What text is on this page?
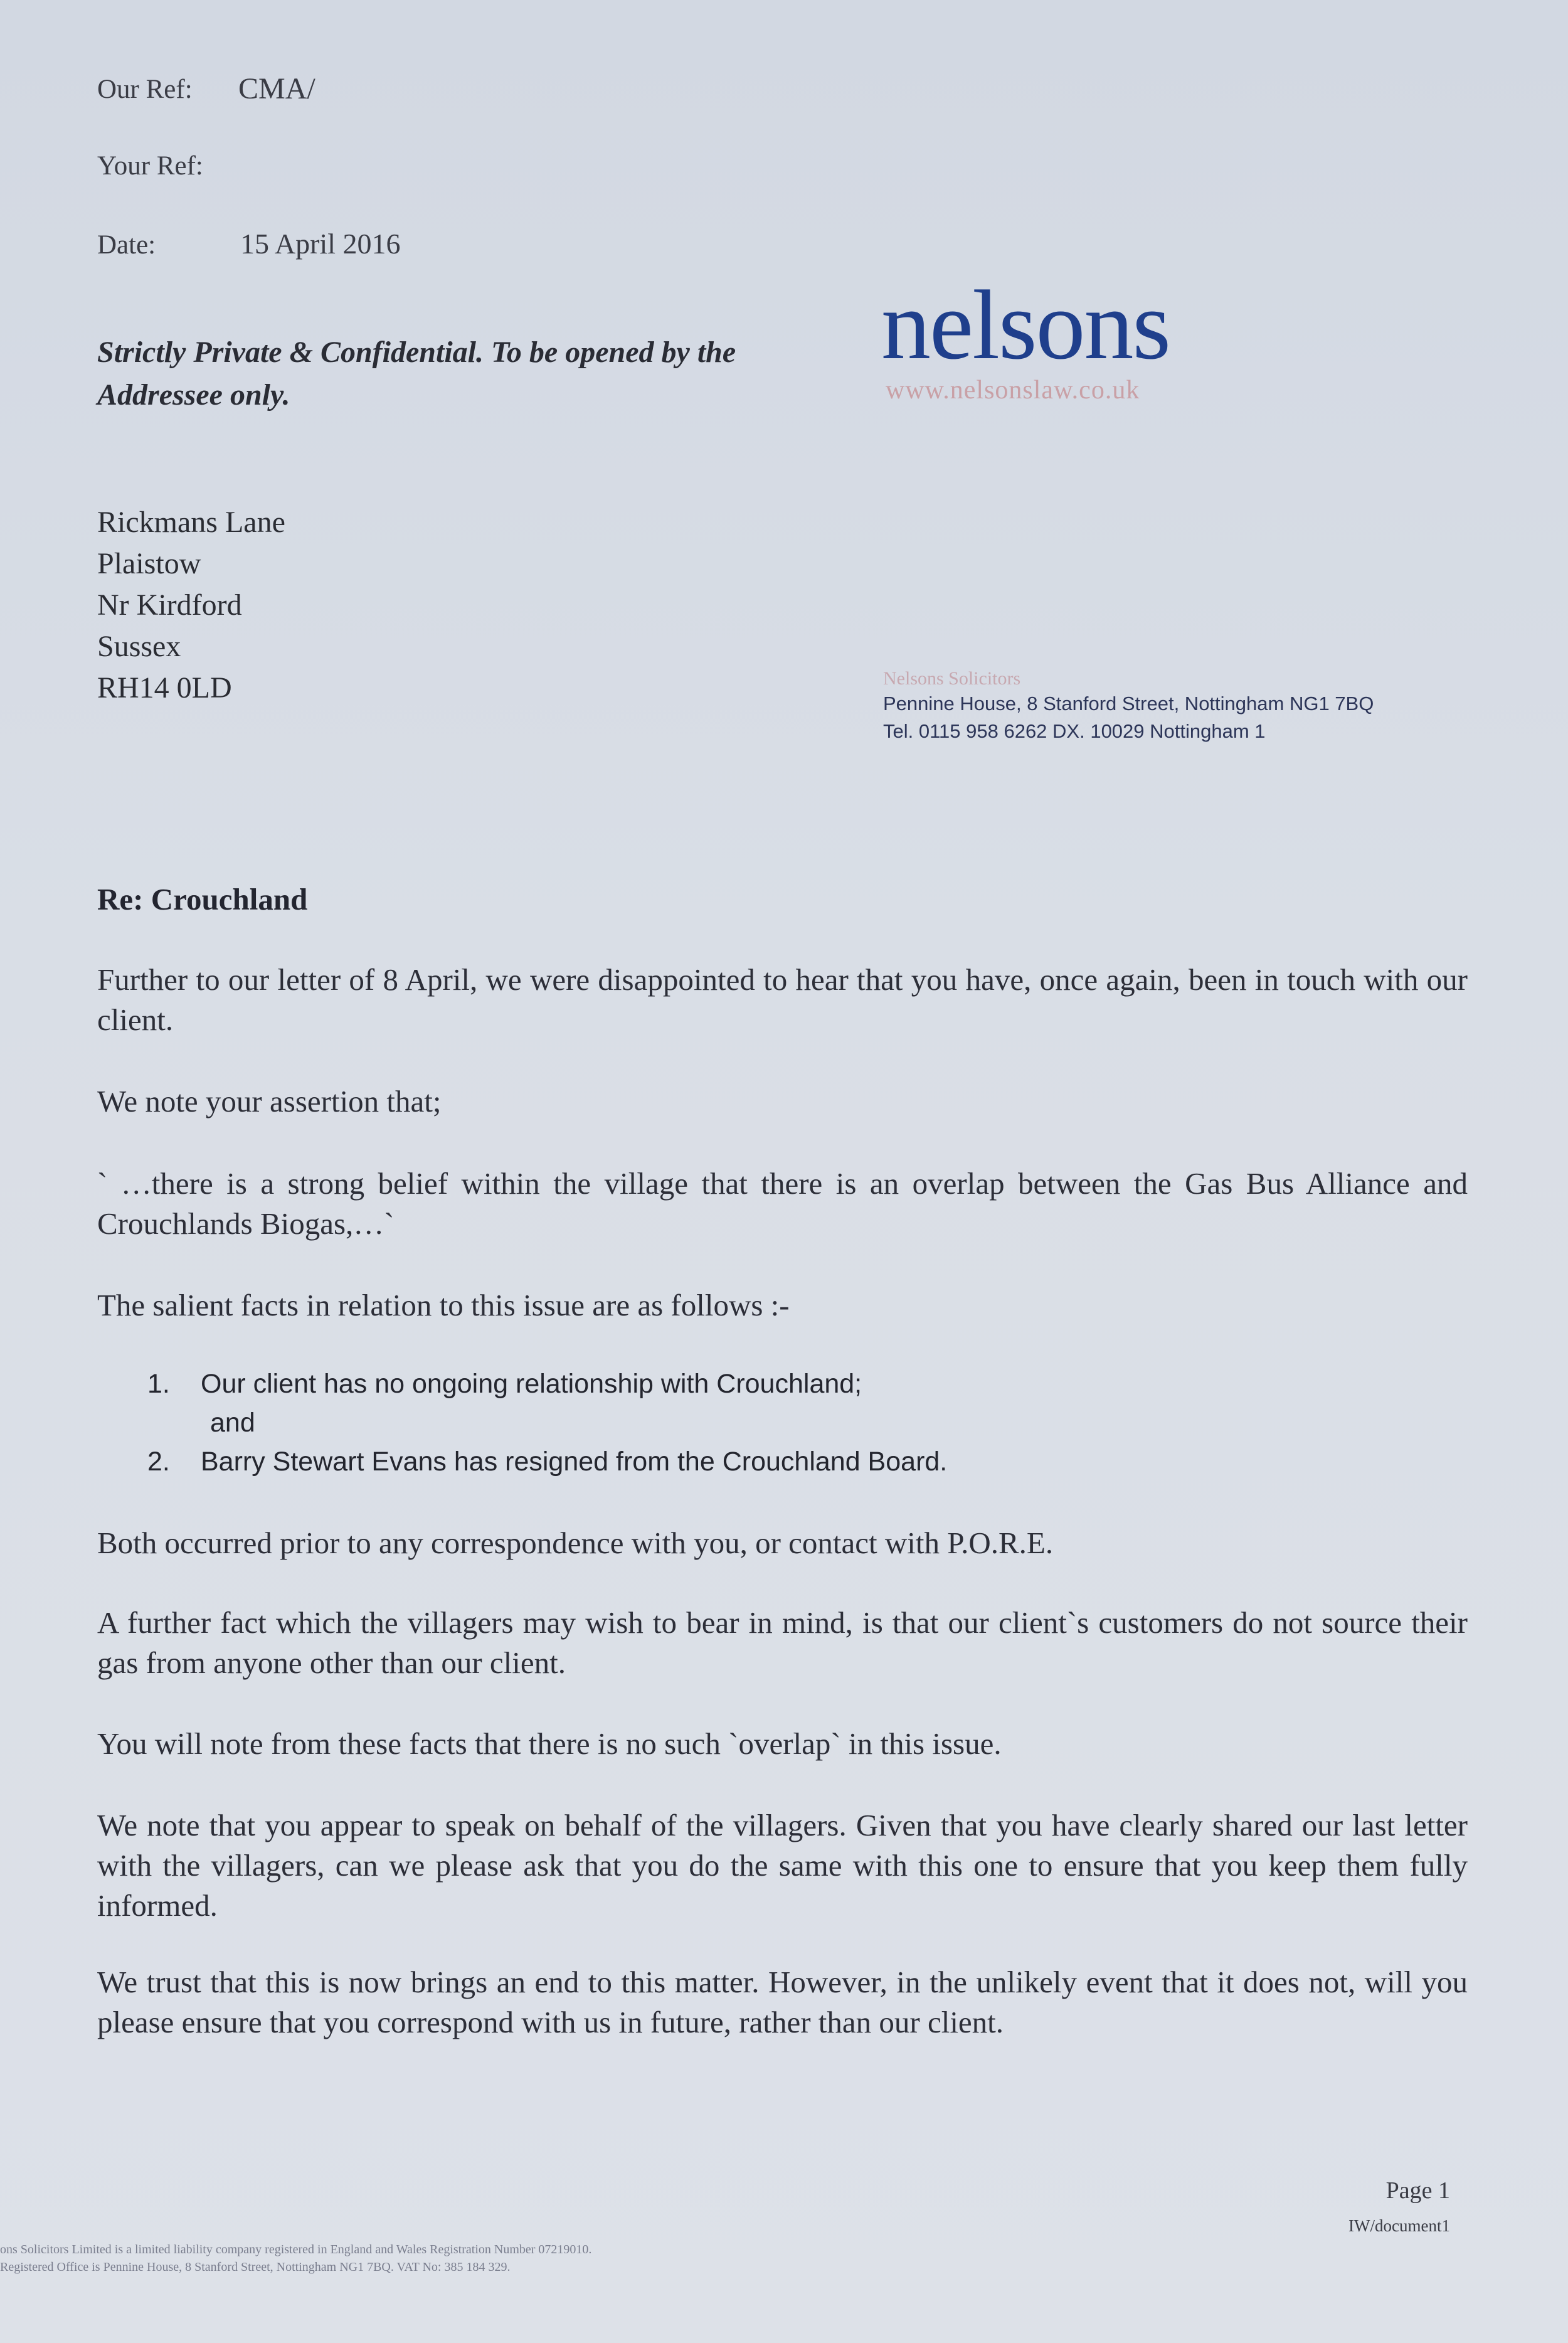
Our Ref: CMA/
Your Ref:
Date:	15 April 2016
Strictly Private & Confidential. To be opened by the Addressee only.
nelsons
www.nelsonslaw.co.uk
Rickmans Lane
Plaistow
Nr Kirdford
Sussex
RH14 0LD	Nelsons Solicitors
Pennine House, 8 Stanford Street, Nottingham NG1 7BQ
Tel. 0115 958 6262 DX. 10029 Nottingham 1
Re: Crouchland
Further to our letter of 8 April, we were disappointed to hear that you have, once again, been in touch with our client.
We note your assertion that;
` …there is a strong belief within the village that there is an overlap between the Gas Bus Alliance and Crouchlands Biogas,…`
The salient facts in relation to this issue are as follows :-
1. Our client has no ongoing relationship with Crouchland;
and
2. Barry Stewart Evans has resigned from the Crouchland Board.
Both occurred prior to any correspondence with you, or contact with P.O.R.E.
A further fact which the villagers may wish to bear in mind, is that our client`s customers do not source their gas from anyone other than our client.
You will note from these facts that there is no such `overlap` in this issue.
We note that you appear to speak on behalf of the villagers. Given that you have clearly shared our last letter with the villagers, can we please ask that you do the same with this one to ensure that you keep them fully informed.
We trust that this is now brings an end to this matter. However, in the unlikely event that it does not, will you please ensure that you correspond with us in future, rather than our client.
Page 1
IW/document1
ons Solicitors Limited is a limited liability company registered in England and Wales Registration Number 07219010.
Registered Office is Pennine House, 8 Stanford Street, Nottingham NG1 7BQ. VAT No: 385 184 329.
